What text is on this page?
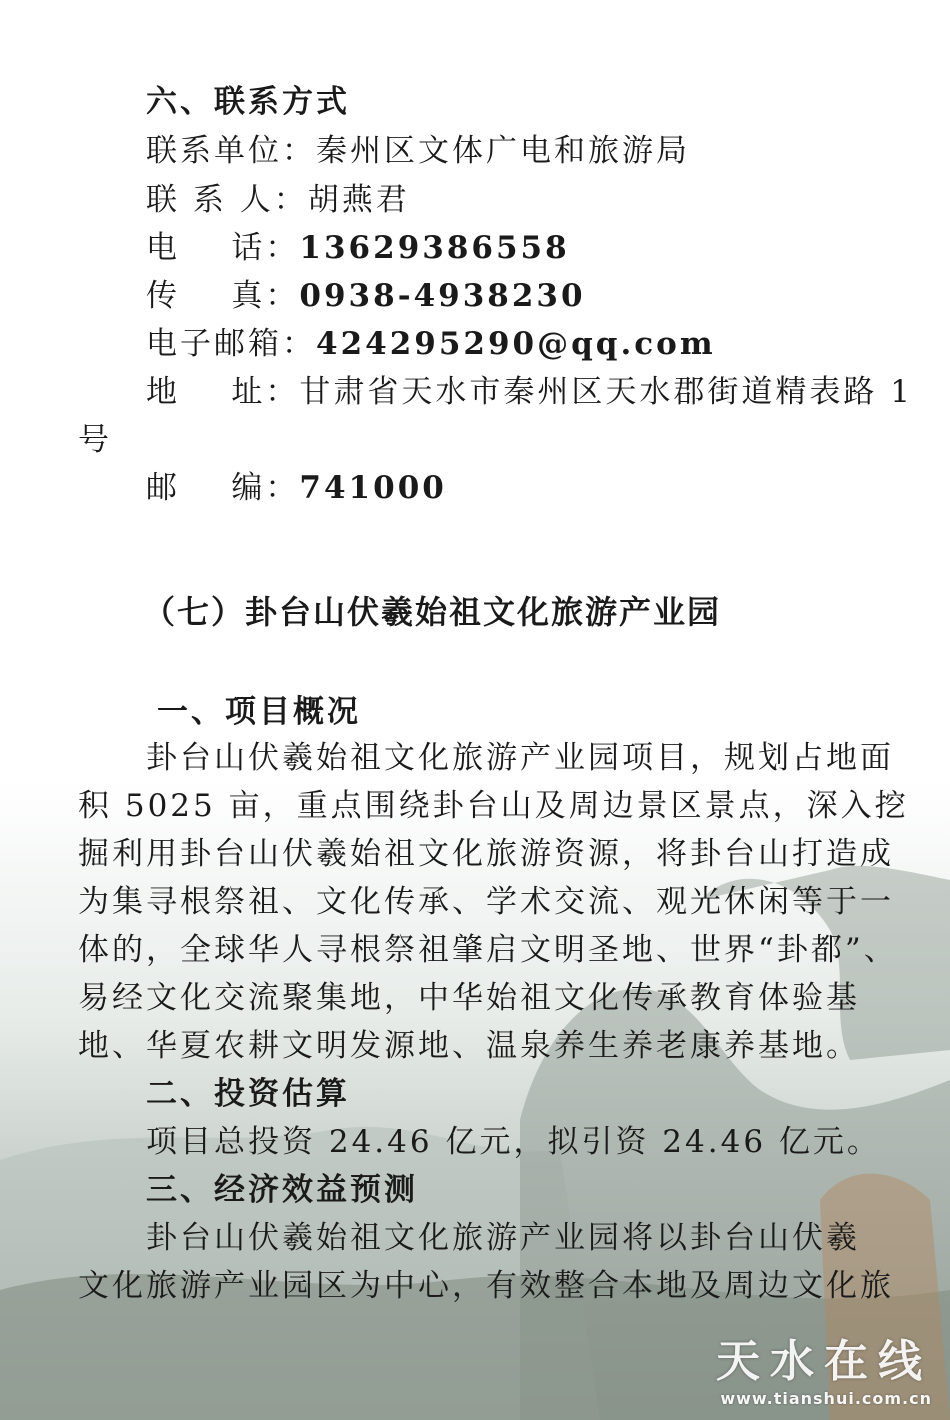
六、联系方式
联系单位：秦州区文体广电和旅游局
联 系 人：胡燕君
电    话：13629386558
传    真：0938-4938230
电子邮箱：424295290@qq.com
地    址：甘肃省天水市秦州区天水郡街道精表路 1
号
邮    编：741000
（七）卦台山伏羲始祖文化旅游产业园
一、项目概况
卦台山伏羲始祖文化旅游产业园项目，规划占地面
积 5025 亩，重点围绕卦台山及周边景区景点，深入挖
掘利用卦台山伏羲始祖文化旅游资源，将卦台山打造成
为集寻根祭祖、文化传承、学术交流、观光休闲等于一
体的，全球华人寻根祭祖肇启文明圣地、世界“卦都”、
易经文化交流聚集地，中华始祖文化传承教育体验基
地、华夏农耕文明发源地、温泉养生养老康养基地。
二、投资估算
项目总投资 24.46 亿元，拟引资 24.46 亿元。
三、经济效益预测
卦台山伏羲始祖文化旅游产业园将以卦台山伏羲
文化旅游产业园区为中心，有效整合本地及周边文化旅
天水在线
www.tianshui.com.cn
